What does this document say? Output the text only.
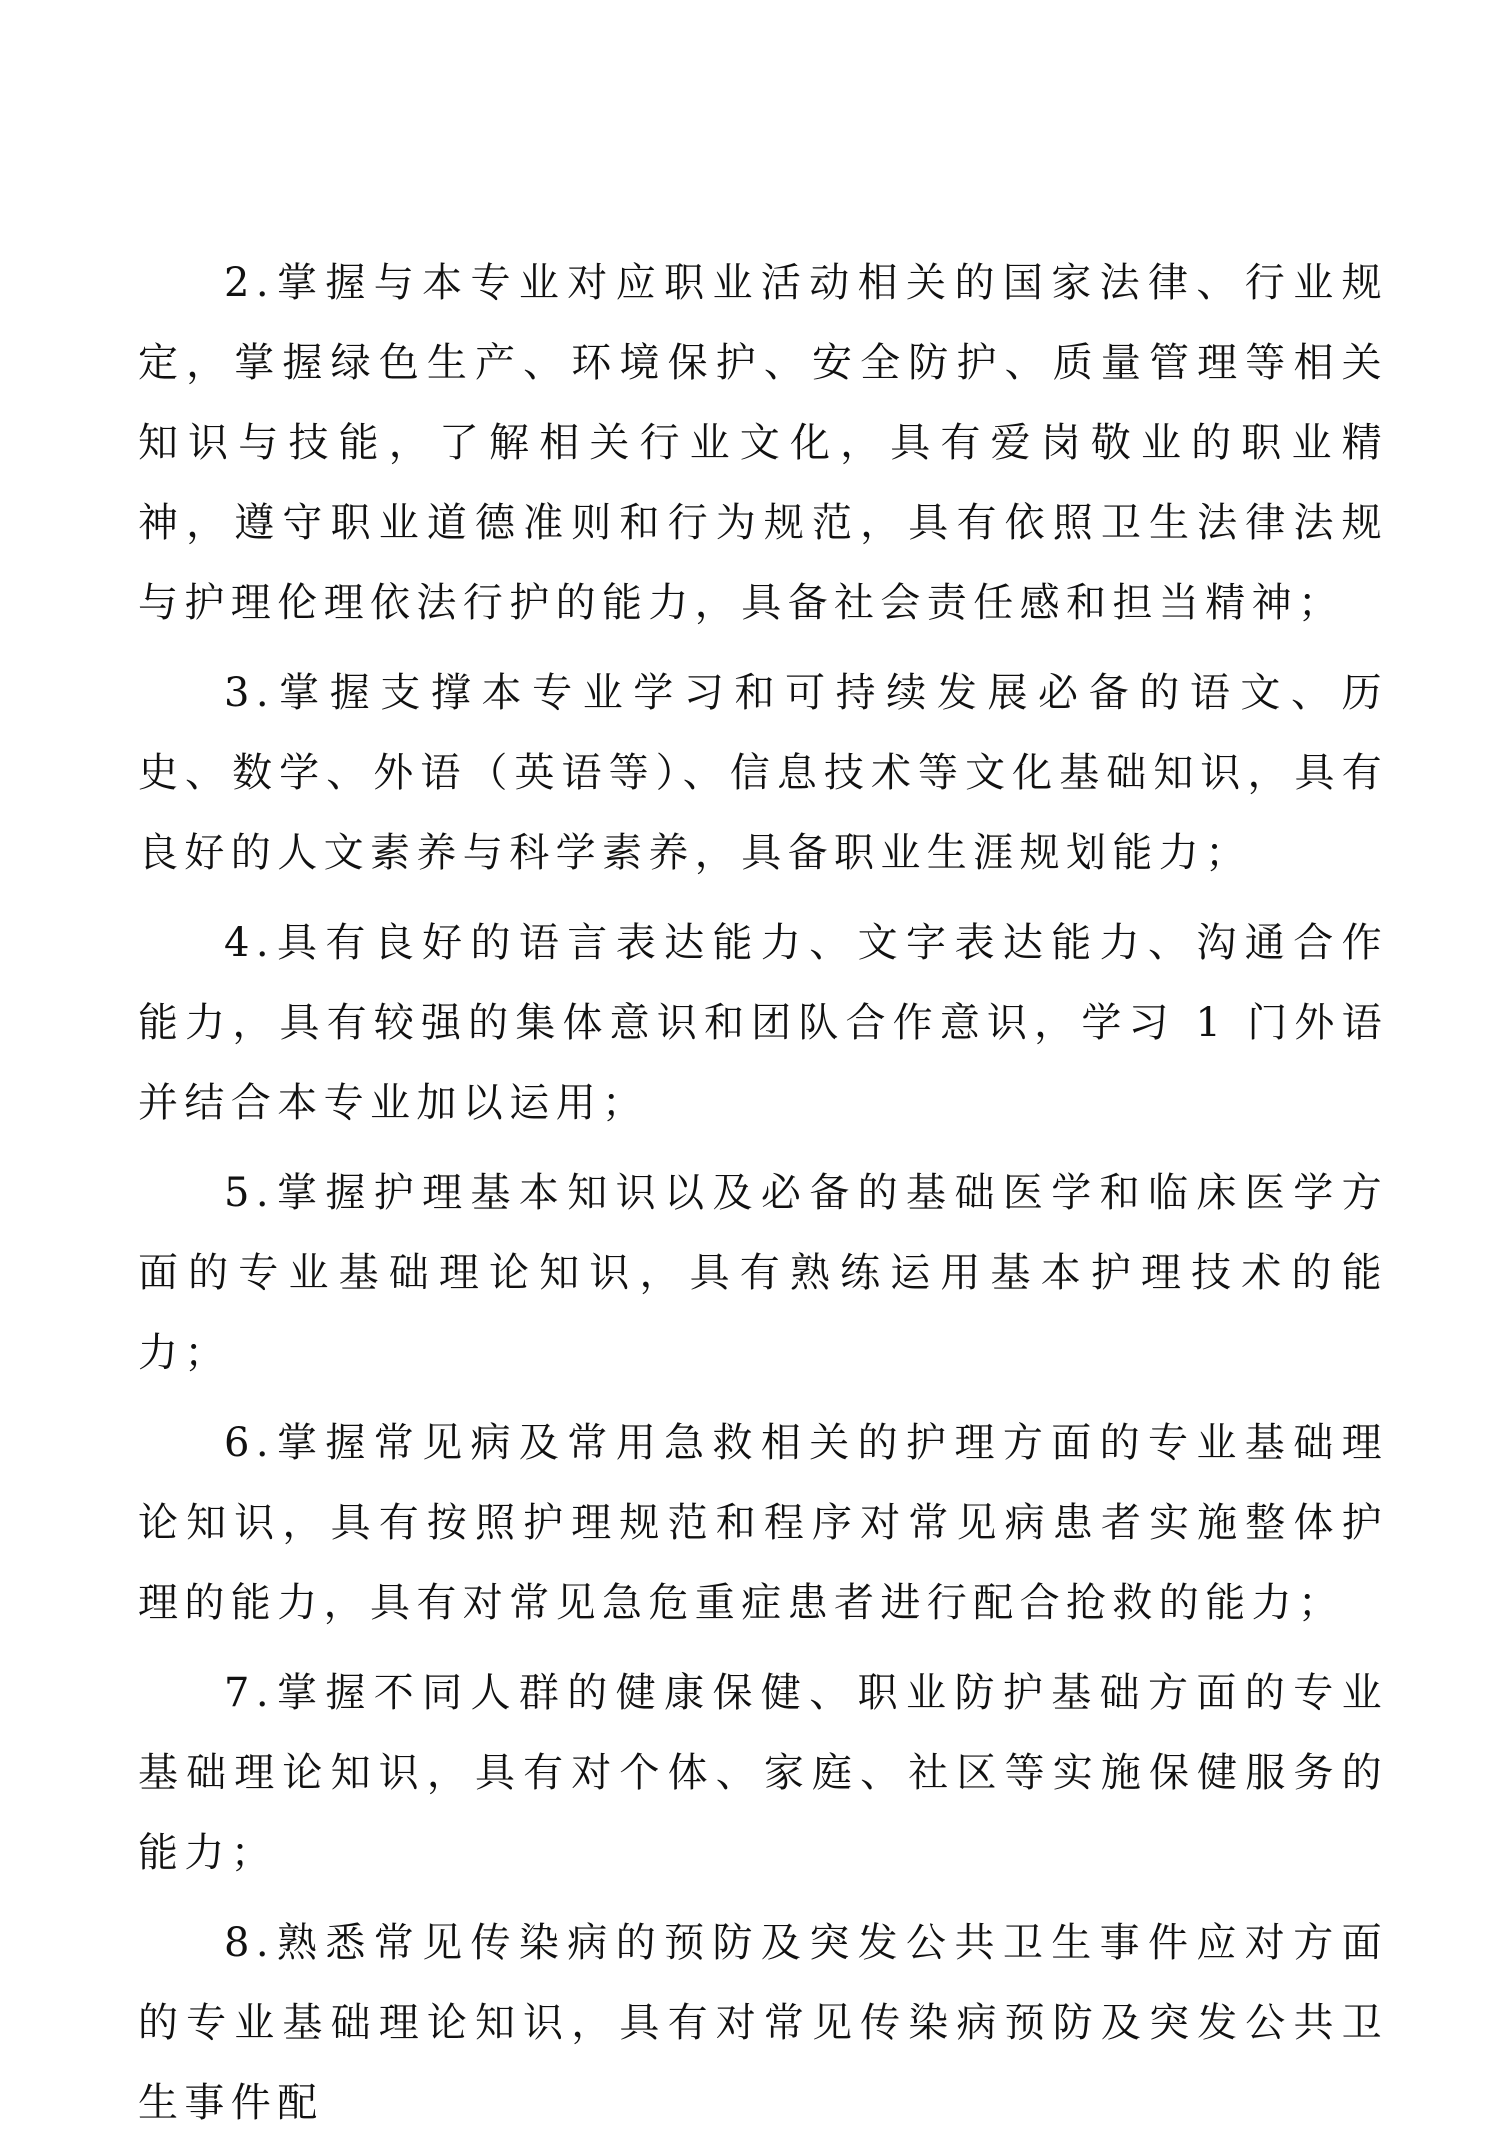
2.掌握与本专业对应职业活动相关的国家法律、行业规定，掌握绿色生产、环境保护、安全防护、质量管理等相关知识与技能，了解相关行业文化，具有爱岗敬业的职业精神，遵守职业道德准则和行为规范，具有依照卫生法律法规与护理伦理依法行护的能力，具备社会责任感和担当精神；

3.掌握支撑本专业学习和可持续发展必备的语文、历史、数学、外语（英语等）、信息技术等文化基础知识，具有良好的人文素养与科学素养，具备职业生涯规划能力；

4.具有良好的语言表达能力、文字表达能力、沟通合作能力，具有较强的集体意识和团队合作意识，学习 1 门外语并结合本专业加以运用；

5.掌握护理基本知识以及必备的基础医学和临床医学方面的专业基础理论知识，具有熟练运用基本护理技术的能力；

6.掌握常见病及常用急救相关的护理方面的专业基础理论知识，具有按照护理规范和程序对常见病患者实施整体护理的能力，具有对常见急危重症患者进行配合抢救的能力；

7.掌握不同人群的健康保健、职业防护基础方面的专业基础理论知识，具有对个体、家庭、社区等实施保健服务的能力；

8.熟悉常见传染病的预防及突发公共卫生事件应对方面的专业基础理论知识，具有对常见传染病预防及突发公共卫生事件配
